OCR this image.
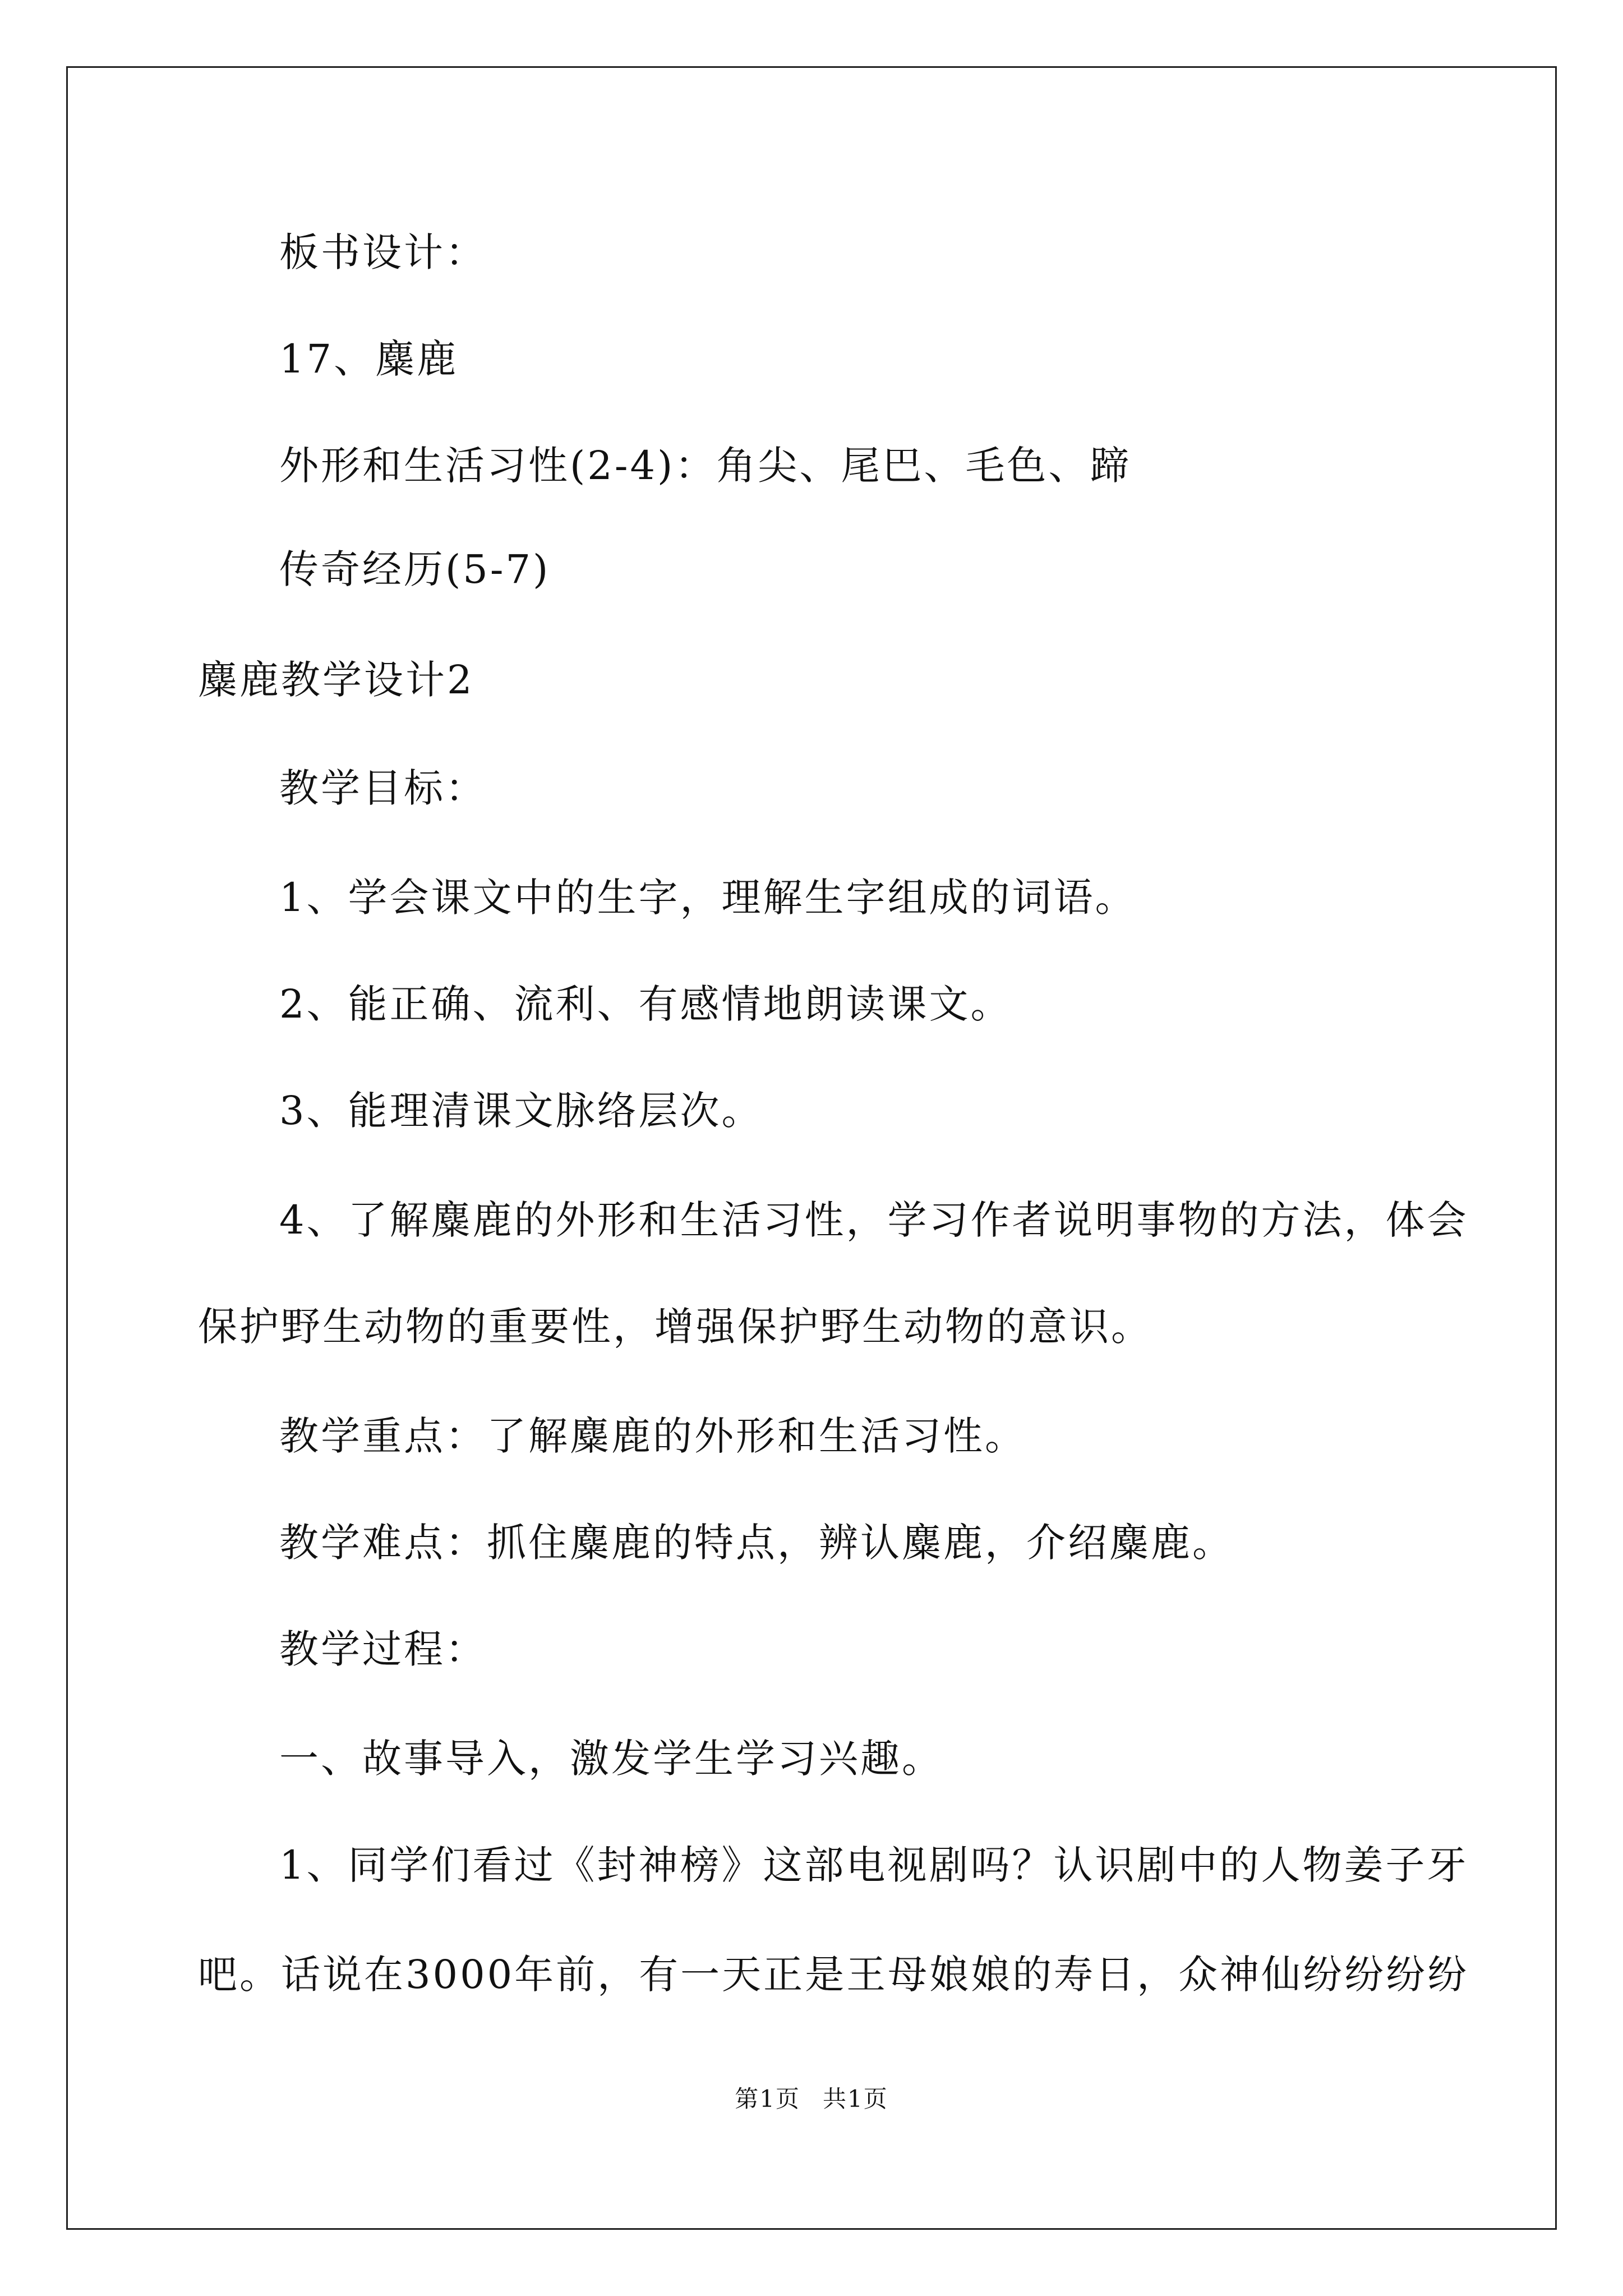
板书设计：
17、麋鹿
外形和生活习性(2-4)：角尖、尾巴、毛色、蹄
传奇经历(5-7)
麋鹿教学设计2
教学目标：
1、学会课文中的生字，理解生字组成的词语。
2、能正确、流利、有感情地朗读课文。
3、能理清课文脉络层次。
4、了解麋鹿的外形和生活习性，学习作者说明事物的方法，体会
保护野生动物的重要性，增强保护野生动物的意识。
教学重点：了解麋鹿的外形和生活习性。
教学难点：抓住麋鹿的特点，辨认麋鹿，介绍麋鹿。
教学过程：
一、故事导入，激发学生学习兴趣。
1、同学们看过《封神榜》这部电视剧吗？认识剧中的人物姜子牙
吧。话说在3000年前，有一天正是王母娘娘的寿日，众神仙纷纷纷纷
第1页 共1页
